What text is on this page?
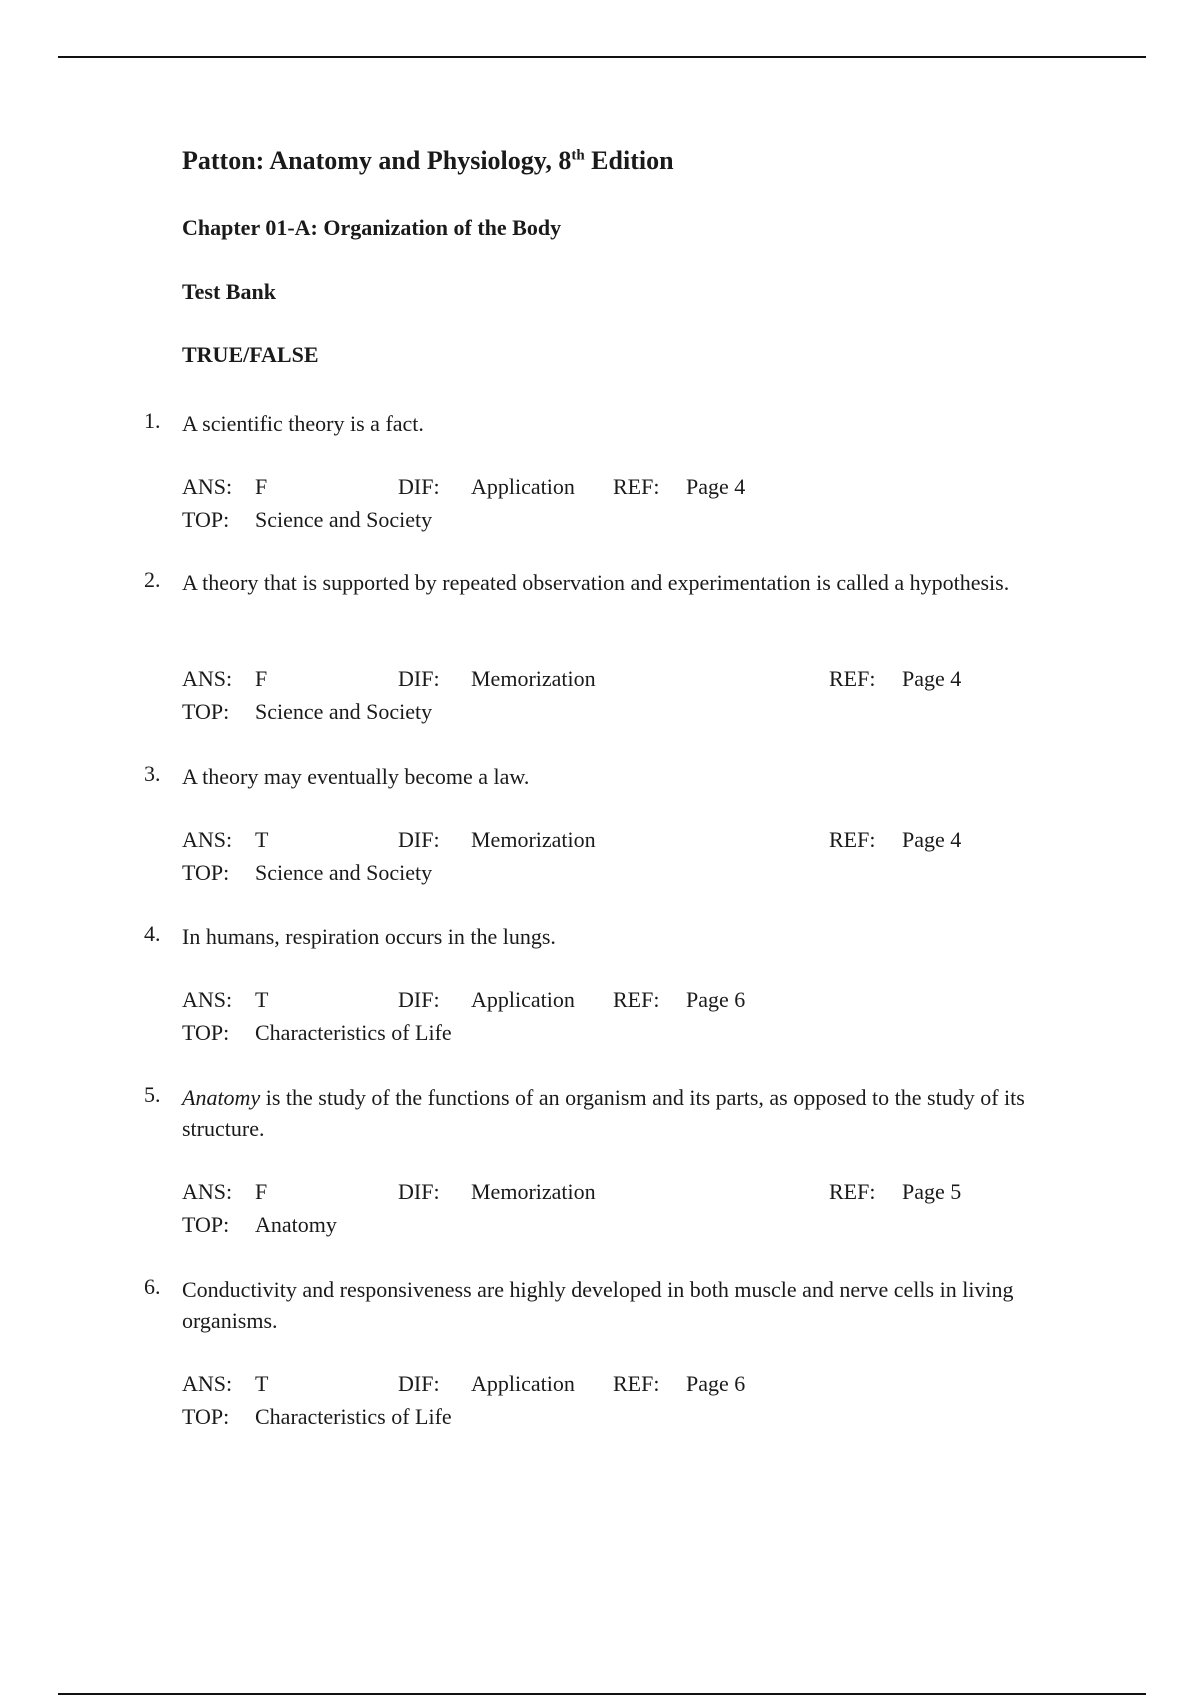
Patton: Anatomy and Physiology, 8th Edition
Chapter 01-A: Organization of the Body
Test Bank
TRUE/FALSE
1. A scientific theory is a fact.
ANS: F	DIF: Application REF: Page 4
TOP: Science and Society
2. A theory that is supported by repeated observation and experimentation is called a hypothesis.
ANS: F	DIF: Memorization	REF: Page 4
TOP: Science and Society
3. A theory may eventually become a law.
ANS: T	DIF: Memorization	REF: Page 4
TOP: Science and Society
4. In humans, respiration occurs in the lungs.
ANS: T	DIF: Application REF: Page 6
TOP: Characteristics of Life
5. Anatomy is the study of the functions of an organism and its parts, as opposed to the study of its structure.
ANS: F	DIF: Memorization	REF: Page 5
TOP: Anatomy
6. Conductivity and responsiveness are highly developed in both muscle and nerve cells in living organisms.
ANS: T	DIF: Application REF: Page 6
TOP: Characteristics of Life
